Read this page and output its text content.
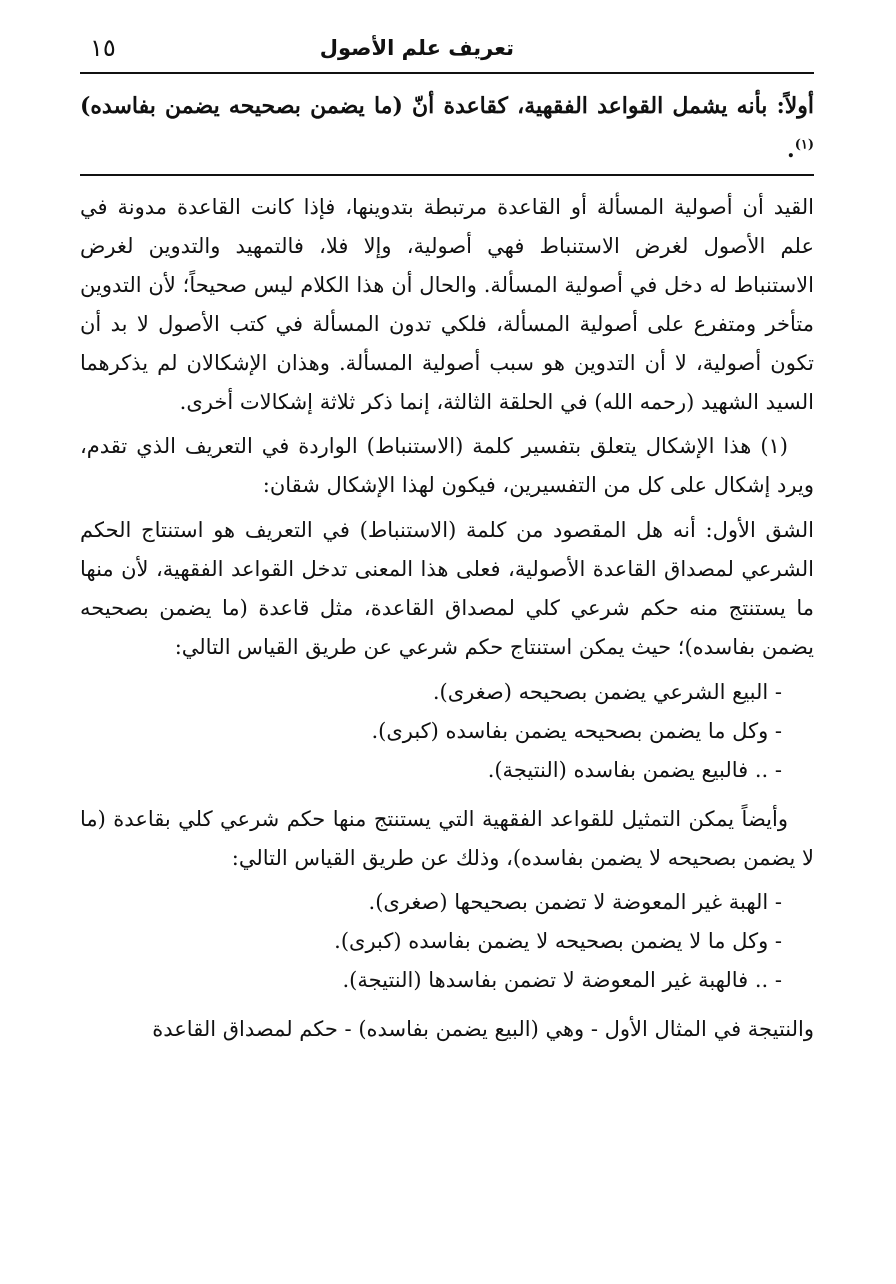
تعريف علم الأصول
١٥
أولاً: بأنه يشمل القواعد الفقهية، كقاعدة أنّ (ما يضمن بصحيحه يضمن بفاسده)$^{(١)}$.

القيد أن أصولية المسألة أو القاعدة مرتبطة بتدوينها، فإذا كانت القاعدة مدونة في علم الأصول لغرض الاستنباط فهي أصولية، وإلا فلا، فالتمهيد والتدوين لغرض الاستنباط له دخل في أصولية المسألة. والحال أن هذا الكلام ليس صحيحاً؛ لأن التدوين متأخر ومتفرع على أصولية المسألة، فلكي تدون المسألة في كتب الأصول لا بد أن تكون أصولية، لا أن التدوين هو سبب أصولية المسألة. وهذان الإشكالان لم يذكرهما السيد الشهيد (رحمه الله) في الحلقة الثالثة، إنما ذكر ثلاثة إشكالات أخرى.

(١) هذا الإشكال يتعلق بتفسير كلمة (الاستنباط) الواردة في التعريف الذي تقدم، ويرد إشكال على كل من التفسيرين، فيكون لهذا الإشكال شقان:

الشق الأول: أنه هل المقصود من كلمة (الاستنباط) في التعريف هو استنتاج الحكم الشرعي لمصداق القاعدة الأصولية، فعلى هذا المعنى تدخل القواعد الفقهية، لأن منها ما يستنتج منه حكم شرعي كلي لمصداق القاعدة، مثل قاعدة (ما يضمن بصحيحه يضمن بفاسده)؛ حيث يمكن استنتاج حكم شرعي عن طريق القياس التالي:

- البيع الشرعي يضمن بصحيحه (صغرى).

- وكل ما يضمن بصحيحه يضمن بفاسده (كبرى).

- .. فالبيع يضمن بفاسده (النتيجة).

وأيضاً يمكن التمثيل للقواعد الفقهية التي يستنتج منها حكم شرعي كلي بقاعدة (ما لا يضمن بصحيحه لا يضمن بفاسده)، وذلك عن طريق القياس التالي:

- الهبة غير المعوضة لا تضمن بصحيحها (صغرى).

- وكل ما لا يضمن بصحيحه لا يضمن بفاسده (كبرى).

- .. فالهبة غير المعوضة لا تضمن بفاسدها (النتيجة).

والنتيجة في المثال الأول - وهي (البيع يضمن بفاسده) - حكم لمصداق القاعدة
